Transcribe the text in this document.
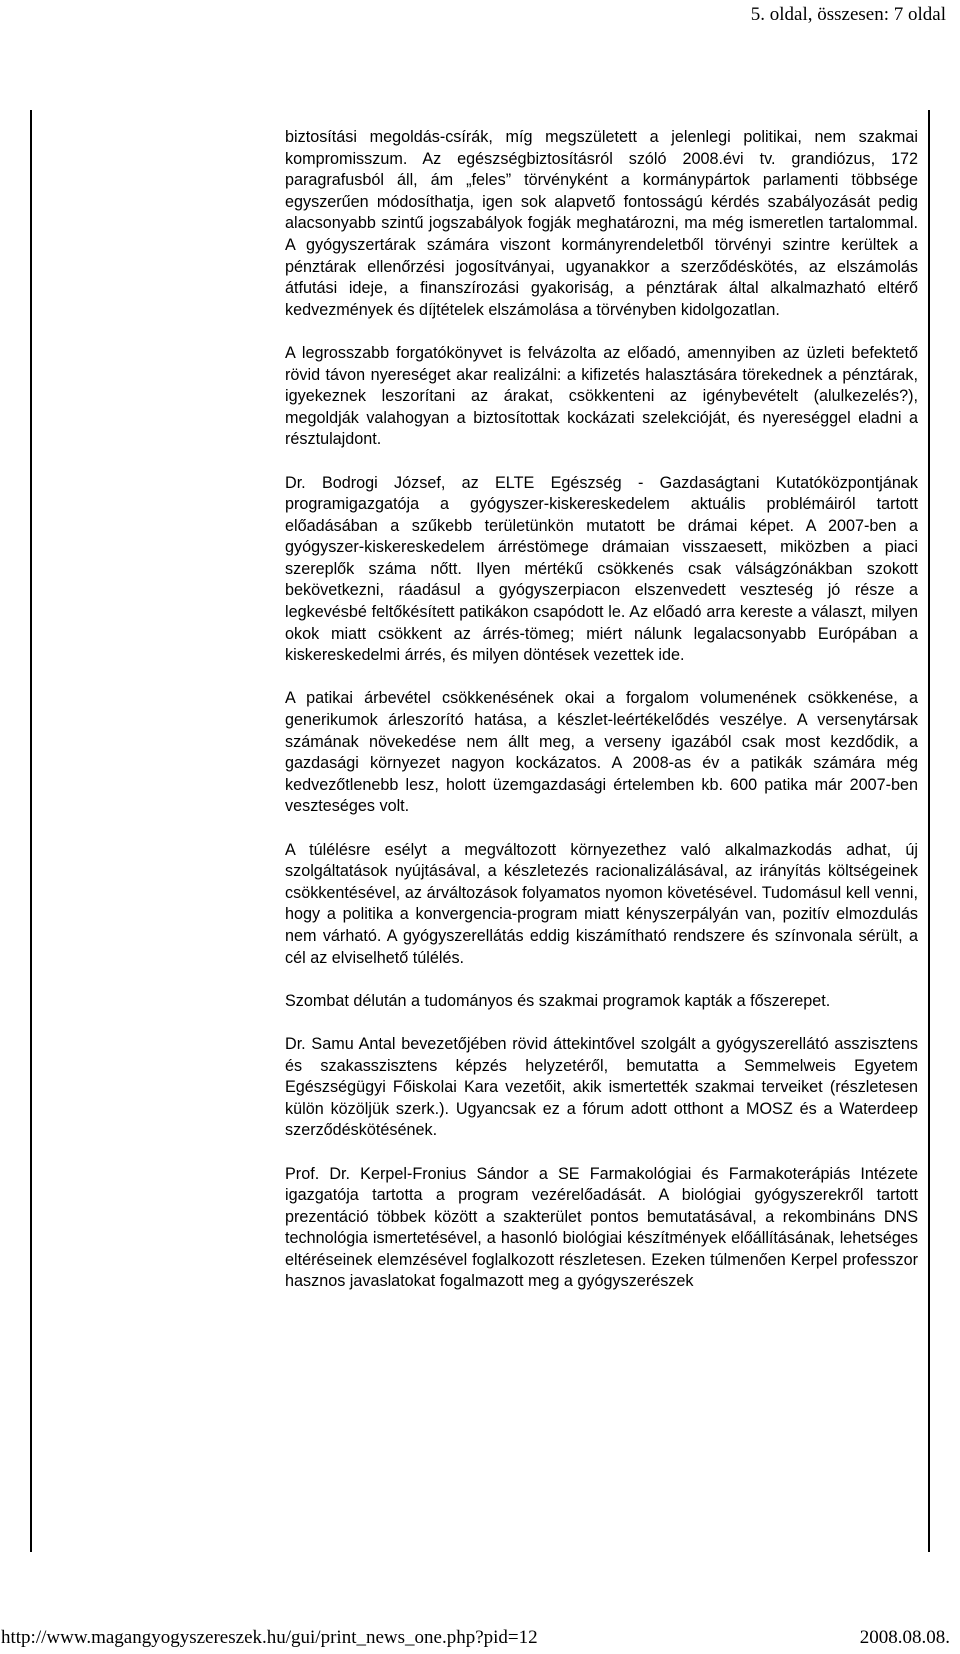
5. oldal, összesen: 7 oldal

biztosítási megoldás-csírák, míg megszületett a jelenlegi politikai, nem szakmai kompromisszum. Az egészségbiztosításról szóló 2008.évi tv. grandiózus, 172 paragrafusból áll, ám „feles” törvényként a kormánypártok parlamenti többsége egyszerűen módosíthatja, igen sok alapvető fontosságú kérdés szabályozását pedig alacsonyabb szintű jogszabályok fogják meghatározni, ma még ismeretlen tartalommal. A gyógyszertárak számára viszont kormányrendeletből törvényi szintre kerültek a pénztárak ellenőrzési jogosítványai, ugyanakkor a szerződéskötés, az elszámolás átfutási ideje, a finanszírozási gyakoriság, a pénztárak által alkalmazható eltérő kedvezmények és díjtételek elszámolása a törvényben kidolgozatlan.

A legrosszabb forgatókönyvet is felvázolta az előadó, amennyiben az üzleti befektető rövid távon nyereséget akar realizálni: a kifizetés halasztására törekednek a pénztárak, igyekeznek leszorítani az árakat, csökkenteni az igénybevételt (alulkezelés?), megoldják valahogyan a biztosítottak kockázati szelekcióját, és nyereséggel eladni a résztulajdont.

Dr. Bodrogi József, az ELTE Egészség - Gazdaságtani Kutatóközpontjának programigazgatója a gyógyszer-kiskereskedelem aktuális problémáiról tartott előadásában a szűkebb területünkön mutatott be drámai képet. A 2007-ben a gyógyszer-kiskereskedelem árréstömege drámaian visszaesett, miközben a piaci szereplők száma nőtt. Ilyen mértékű csökkenés csak válságzónákban szokott bekövetkezni, ráadásul a gyógyszerpiacon elszenvedett veszteség jó része a legkevésbé feltőkésített patikákon csapódott le. Az előadó arra kereste a választ, milyen okok miatt csökkent az árrés-tömeg; miért nálunk legalacsonyabb Európában a kiskereskedelmi árrés, és milyen döntések vezettek ide.

A patikai árbevétel csökkenésének okai a forgalom volumenének csökkenése, a generikumok árleszorító hatása, a készlet-leértékelődés veszélye. A versenytársak számának növekedése nem állt meg, a verseny igazából csak most kezdődik, a gazdasági környezet nagyon kockázatos. A 2008-as év a patikák számára még kedvezőtlenebb lesz, holott üzemgazdasági értelemben kb. 600 patika már 2007-ben veszteséges volt.

A túlélésre esélyt a megváltozott környezethez való alkalmazkodás adhat, új szolgáltatások nyújtásával, a készletezés racionalizálásával, az irányítás költségeinek csökkentésével, az árváltozások folyamatos nyomon követésével. Tudomásul kell venni, hogy a politika a konvergencia-program miatt kényszerpályán van, pozitív elmozdulás nem várható. A gyógyszerellátás eddig kiszámítható rendszere és színvonala sérült, a cél az elviselhető túlélés.

Szombat délután a tudományos és szakmai programok kapták a főszerepet.

Dr. Samu Antal bevezetőjében rövid áttekintővel szolgált a gyógyszerellátó asszisztens és szakasszisztens képzés helyzetéről, bemutatta a Semmelweis Egyetem Egészségügyi Főiskolai Kara vezetőit, akik ismertették szakmai terveiket (részletesen külön közöljük szerk.). Ugyancsak ez a fórum adott otthont a MOSZ és a Waterdeep szerződéskötésének.

Prof. Dr. Kerpel-Fronius Sándor a SE Farmakológiai és Farmakoterápiás Intézete igazgatója tartotta a program vezérelőadását. A biológiai gyógyszerekről tartott prezentáció többek között a szakterület pontos bemutatásával, a rekombináns DNS technológia ismertetésével, a hasonló biológiai készítmények előállításának, lehetséges eltéréseinek elemzésével foglalkozott részletesen. Ezeken túlmenően Kerpel professzor hasznos javaslatokat fogalmazott meg a gyógyszerészek

http://www.magangyogyszereszek.hu/gui/print_news_one.php?pid=12	2008.08.08.
